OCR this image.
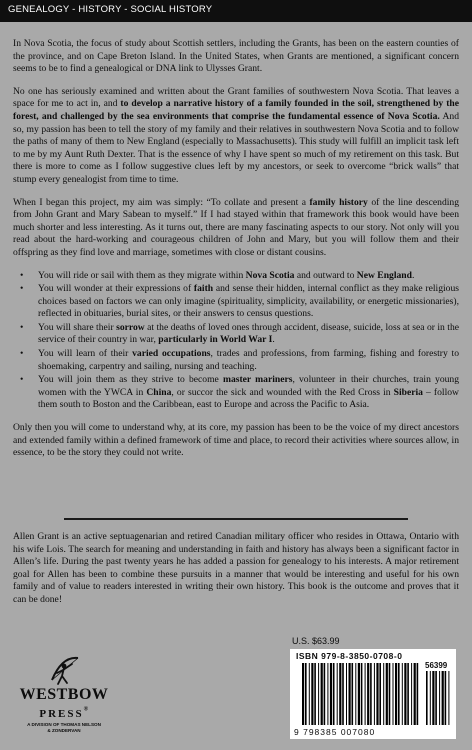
GENEALOGY - HISTORY - SOCIAL HISTORY

In Nova Scotia, the focus of study about Scottish settlers, including the Grants, has been on the eastern counties of the province, and on Cape Breton Island. In the United States, when Grants are mentioned, a significant concern seems to be to find a genealogical or DNA link to Ulysses Grant.

No one has seriously examined and written about the Grant families of southwestern Nova Scotia. That leaves a space for me to act in, and to develop a narrative history of a family founded in the soil, strengthened by the forest, and challenged by the sea environments that comprise the fundamental essence of Nova Scotia. And so, my passion has been to tell the story of my family and their relatives in southwestern Nova Scotia and to follow the paths of many of them to New England (especially to Massachusetts). This study will fulfill an implicit task left to me by my Aunt Ruth Dexter. That is the essence of why I have spent so much of my retirement on this task. But there is more to come as I follow suggestive clues left by my ancestors, or seek to overcome “brick walls” that stump every genealogist from time to time.

When I began this project, my aim was simply: “To collate and present a family history of the line descending from John Grant and Mary Sabean to myself.” If I had stayed within that framework this book would have been much shorter and less interesting. As it turns out, there are many fascinating aspects to our story. Not only will you read about the hard-working and courageous children of John and Mary, but you will follow them and their offspring as they find love and marriage, sometimes with close or distant cousins.

• You will ride or sail with them as they migrate within Nova Scotia and outward to New England.
• You will wonder at their expressions of faith and sense their hidden, internal conflict as they make religious choices based on factors we can only imagine (spirituality, simplicity, availability, or energetic missionaries), reflected in obituaries, burial sites, or their answers to census questions.
• You will share their sorrow at the deaths of loved ones through accident, disease, suicide, loss at sea or in the service of their country in war, particularly in World War I.
• You will learn of their varied occupations, trades and professions, from farming, fishing and forestry to shoemaking, carpentry and sailing, nursing and teaching.
• You will join them as they strive to become master mariners, volunteer in their churches, train young women with the YWCA in China, or succor the sick and wounded with the Red Cross in Siberia – follow them south to Boston and the Caribbean, east to Europe and across the Pacific to Asia.

Only then you will come to understand why, at its core, my passion has been to be the voice of my direct ancestors and extended family within a defined framework of time and place, to record their activities where sources allow, in essence, to be the story they could not write.

Allen Grant is an active septuagenarian and retired Canadian military officer who resides in Ottawa, Ontario with his wife Lois. The search for meaning and understanding in faith and history has always been a significant factor in Allen’s life. During the past twenty years he has added a passion for genealogy to his interests. A major retirement goal for Allen has been to combine these pursuits in a manner that would be interesting and useful for his own family and of value to readers interested in writing their own history. This book is the outcome and proves that it can be done!
U.S. $63.99
ISBN 979-8-3850-0708-0
56399
9 798385 007080
WESTBOW
PRESS®
A DIVISION OF THOMAS NELSON
& ZONDERVAN
